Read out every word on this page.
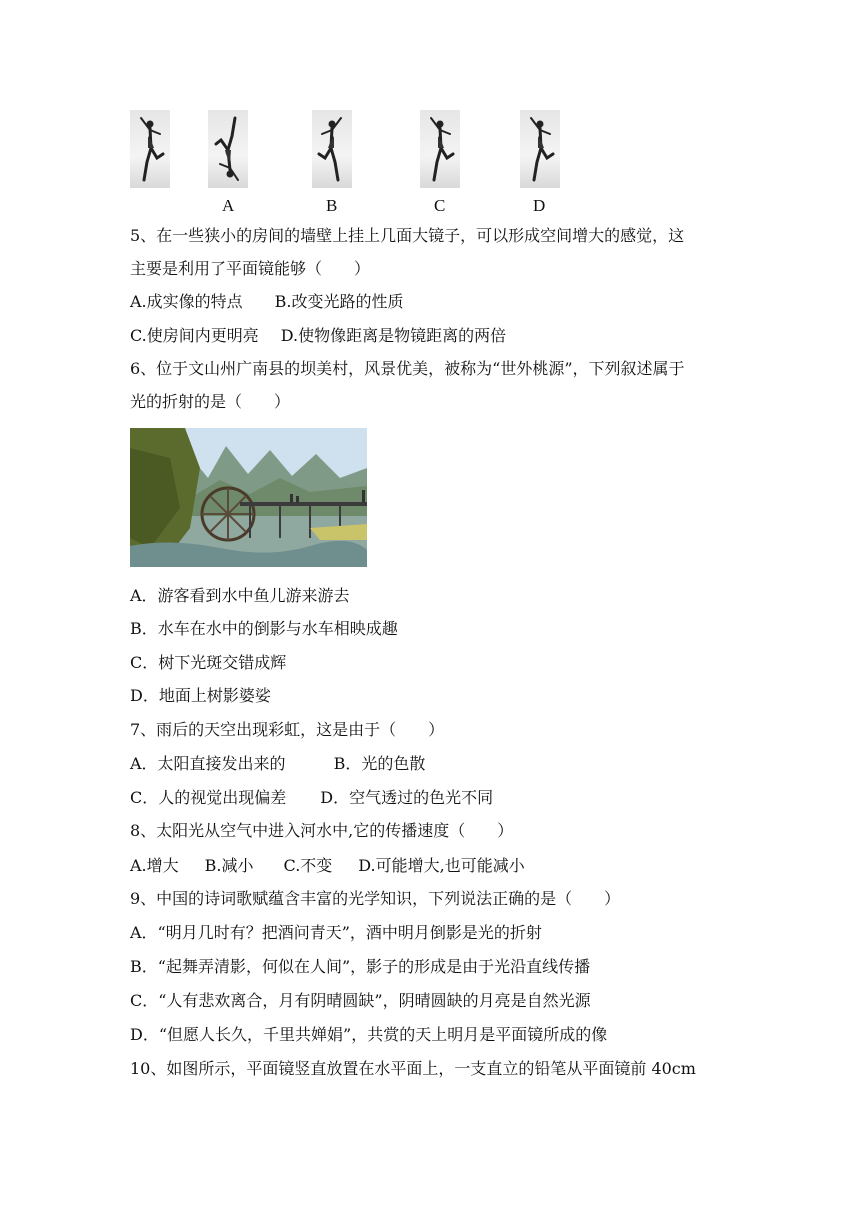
A	B	C	D
5、在一些狭小的房间的墙壁上挂上几面大镜子，可以形成空间增大的感觉，这
主要是利用了平面镜能够（　　）
A.成实像的特点 B.改变光路的性质
C.使房间内更明亮 D.使物像距离是物镜距离的两倍
6、位于文山州广南县的坝美村，风景优美，被称为“世外桃源”，下列叙述属于
光的折射的是（　　）
A．游客看到水中鱼儿游来游去
B．水车在水中的倒影与水车相映成趣
C．树下光斑交错成辉
D．地面上树影婆娑
7、雨后的天空出现彩虹，这是由于（　　）
A．太阳直接发出来的	B．光的色散
C．人的视觉出现偏差 D．空气透过的色光不同
8、太阳光从空气中进入河水中,它的传播速度（　　）
A.增大 B.减小 C.不变 D.可能增大,也可能减小
9、中国的诗词歌赋蕴含丰富的光学知识，下列说法正确的是（　　）
A．“明月几时有？把酒问青天”，酒中明月倒影是光的折射
B．“起舞弄清影，何似在人间”，影子的形成是由于光沿直线传播
C．“人有悲欢离合，月有阴晴圆缺”，阴晴圆缺的月亮是自然光源
D．“但愿人长久，千里共婵娟”，共赏的天上明月是平面镜所成的像
10、如图所示，平面镜竖直放置在水平面上，一支直立的铅笔从平面镜前 40cm
